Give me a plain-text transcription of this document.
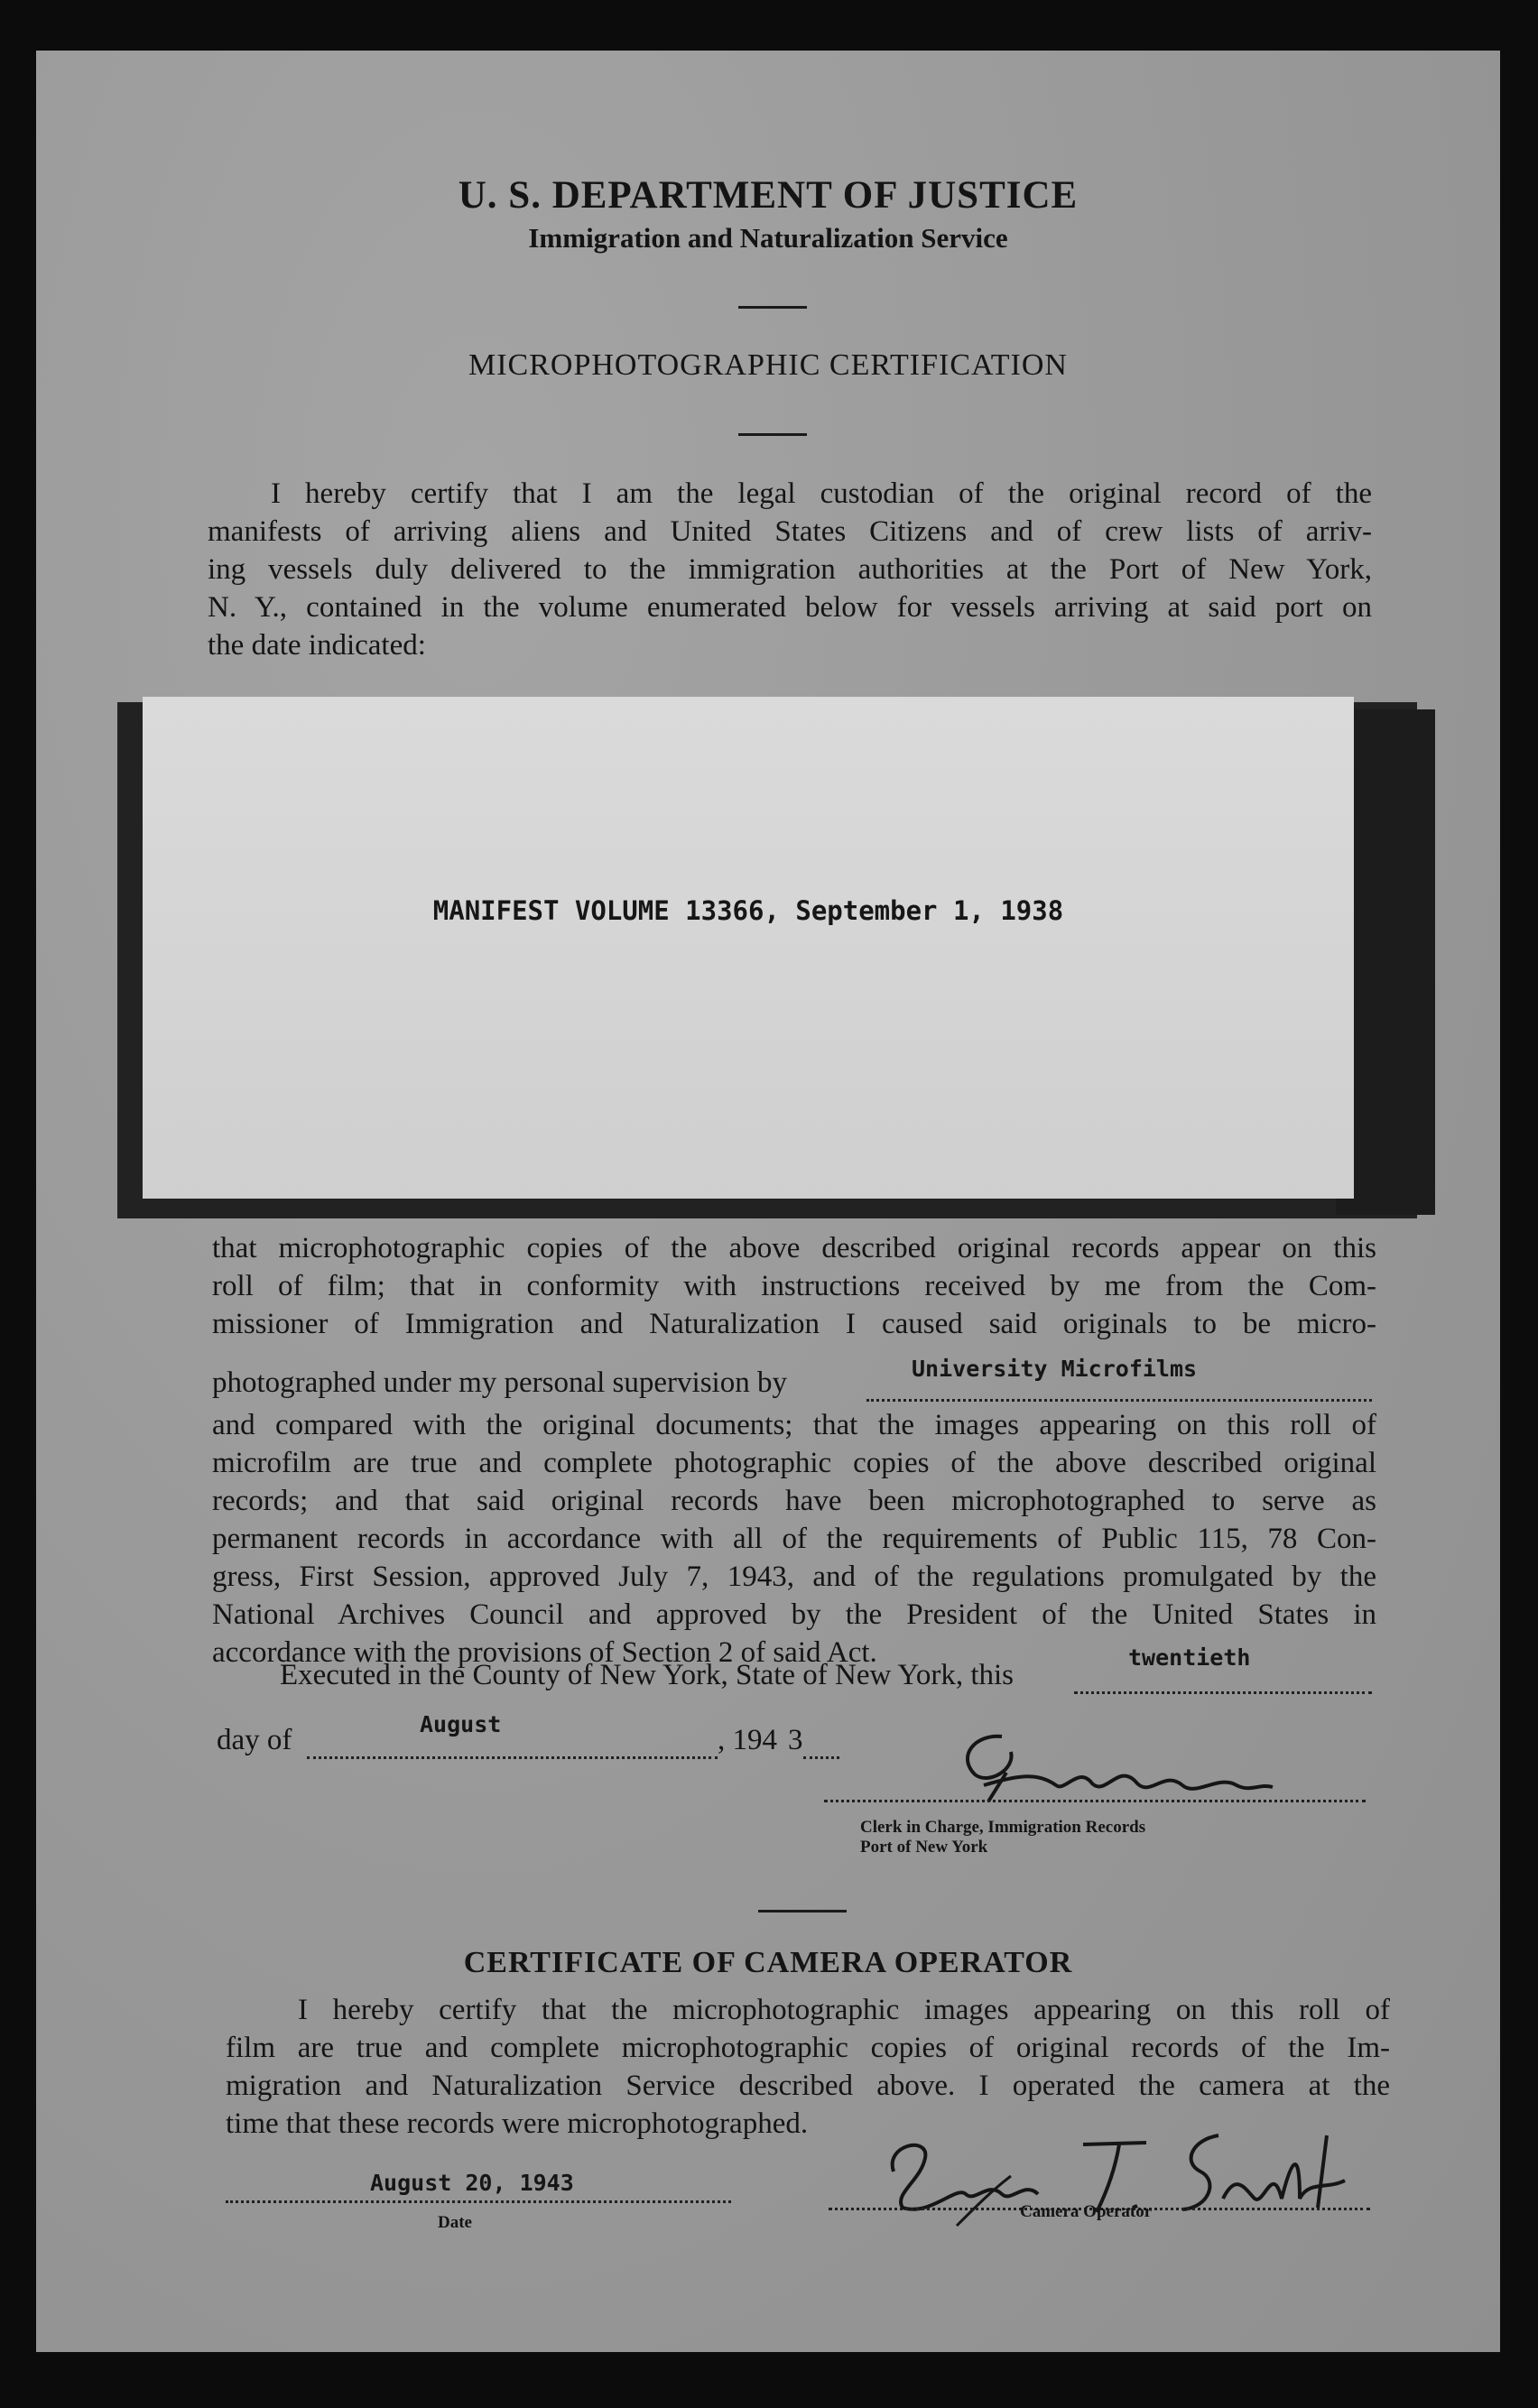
U. S. DEPARTMENT OF JUSTICE
Immigration and Naturalization Service
MICROPHOTOGRAPHIC CERTIFICATION
I hereby certify that I am the legal custodian of the original record of the
manifests of arriving aliens and United States Citizens and of crew lists of arriv-
ing vessels duly delivered to the immigration authorities at the Port of New York,
N. Y., contained in the volume enumerated below for vessels arriving at said port on
the date indicated:
MANIFEST VOLUME 13366, September 1, 1938
that microphotographic copies of the above described original records appear on this
roll of film; that in conformity with instructions received by me from the Com-
missioner of Immigration and Naturalization I caused said originals to be micro-
photographed under my personal supervision by	University Microfilms
and compared with the original documents; that the images appearing on this roll of
microfilm are true and complete photographic copies of the above described original
records; and that said original records have been microphotographed to serve as
permanent records in accordance with all of the requirements of Public 115, 78 Con-
gress, First Session, approved July 7, 1943, and of the regulations promulgated by the
National Archives Council and approved by the President of the United States in
accordance with the provisions of Section 2 of said Act.
Executed in the County of New York, State of New York, this
twentieth
day of	August	, 194 3
Clerk in Charge, Immigration Records
Port of New York
CERTIFICATE OF CAMERA OPERATOR
I hereby certify that the microphotographic images appearing on this roll of
film are true and complete microphotographic copies of original records of the Im-
migration and Naturalization Service described above. I operated the camera at the
time that these records were microphotographed.
August 20, 1943
Date
Camera Operator
